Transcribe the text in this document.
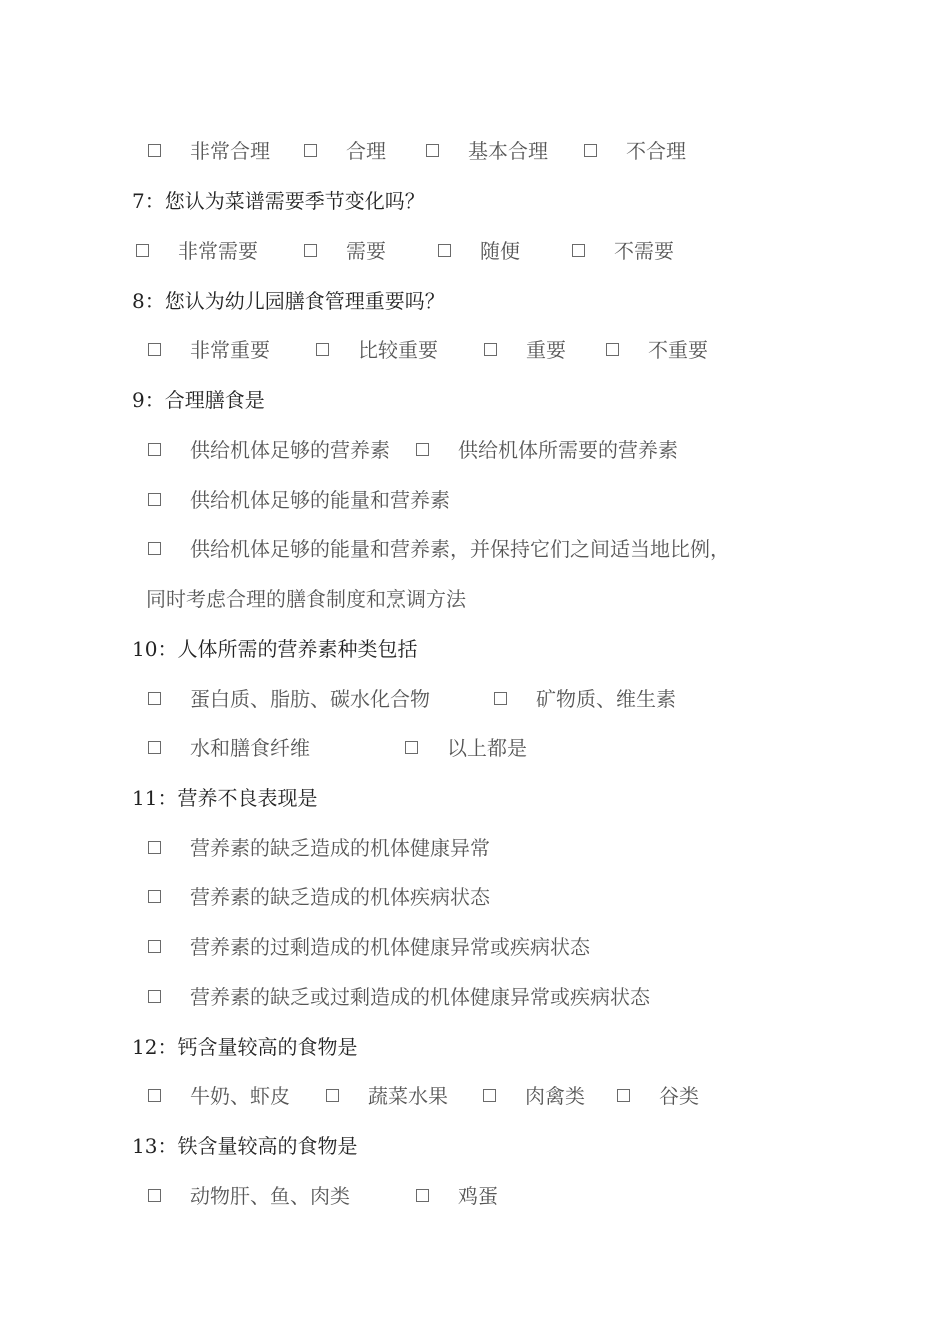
非常合理	合理	基本合理	不合理
7：您认为菜谱需要季节变化吗？
非常需要	需要	随便	不需要
8：您认为幼儿园膳食管理重要吗？
非常重要	比较重要	重要	不重要
9：合理膳食是
供给机体足够的营养素	供给机体所需要的营养素
供给机体足够的能量和营养素
供给机体足够的能量和营养素，并保持它们之间适当地比例，
同时考虑合理的膳食制度和烹调方法
10：人体所需的营养素种类包括
蛋白质、脂肪、碳水化合物	矿物质、维生素
水和膳食纤维	以上都是
11：营养不良表现是
营养素的缺乏造成的机体健康异常
营养素的缺乏造成的机体疾病状态
营养素的过剩造成的机体健康异常或疾病状态
营养素的缺乏或过剩造成的机体健康异常或疾病状态
12：钙含量较高的食物是
牛奶、虾皮	蔬菜水果	肉禽类	谷类
13：铁含量较高的食物是
动物肝、鱼、肉类	鸡蛋
